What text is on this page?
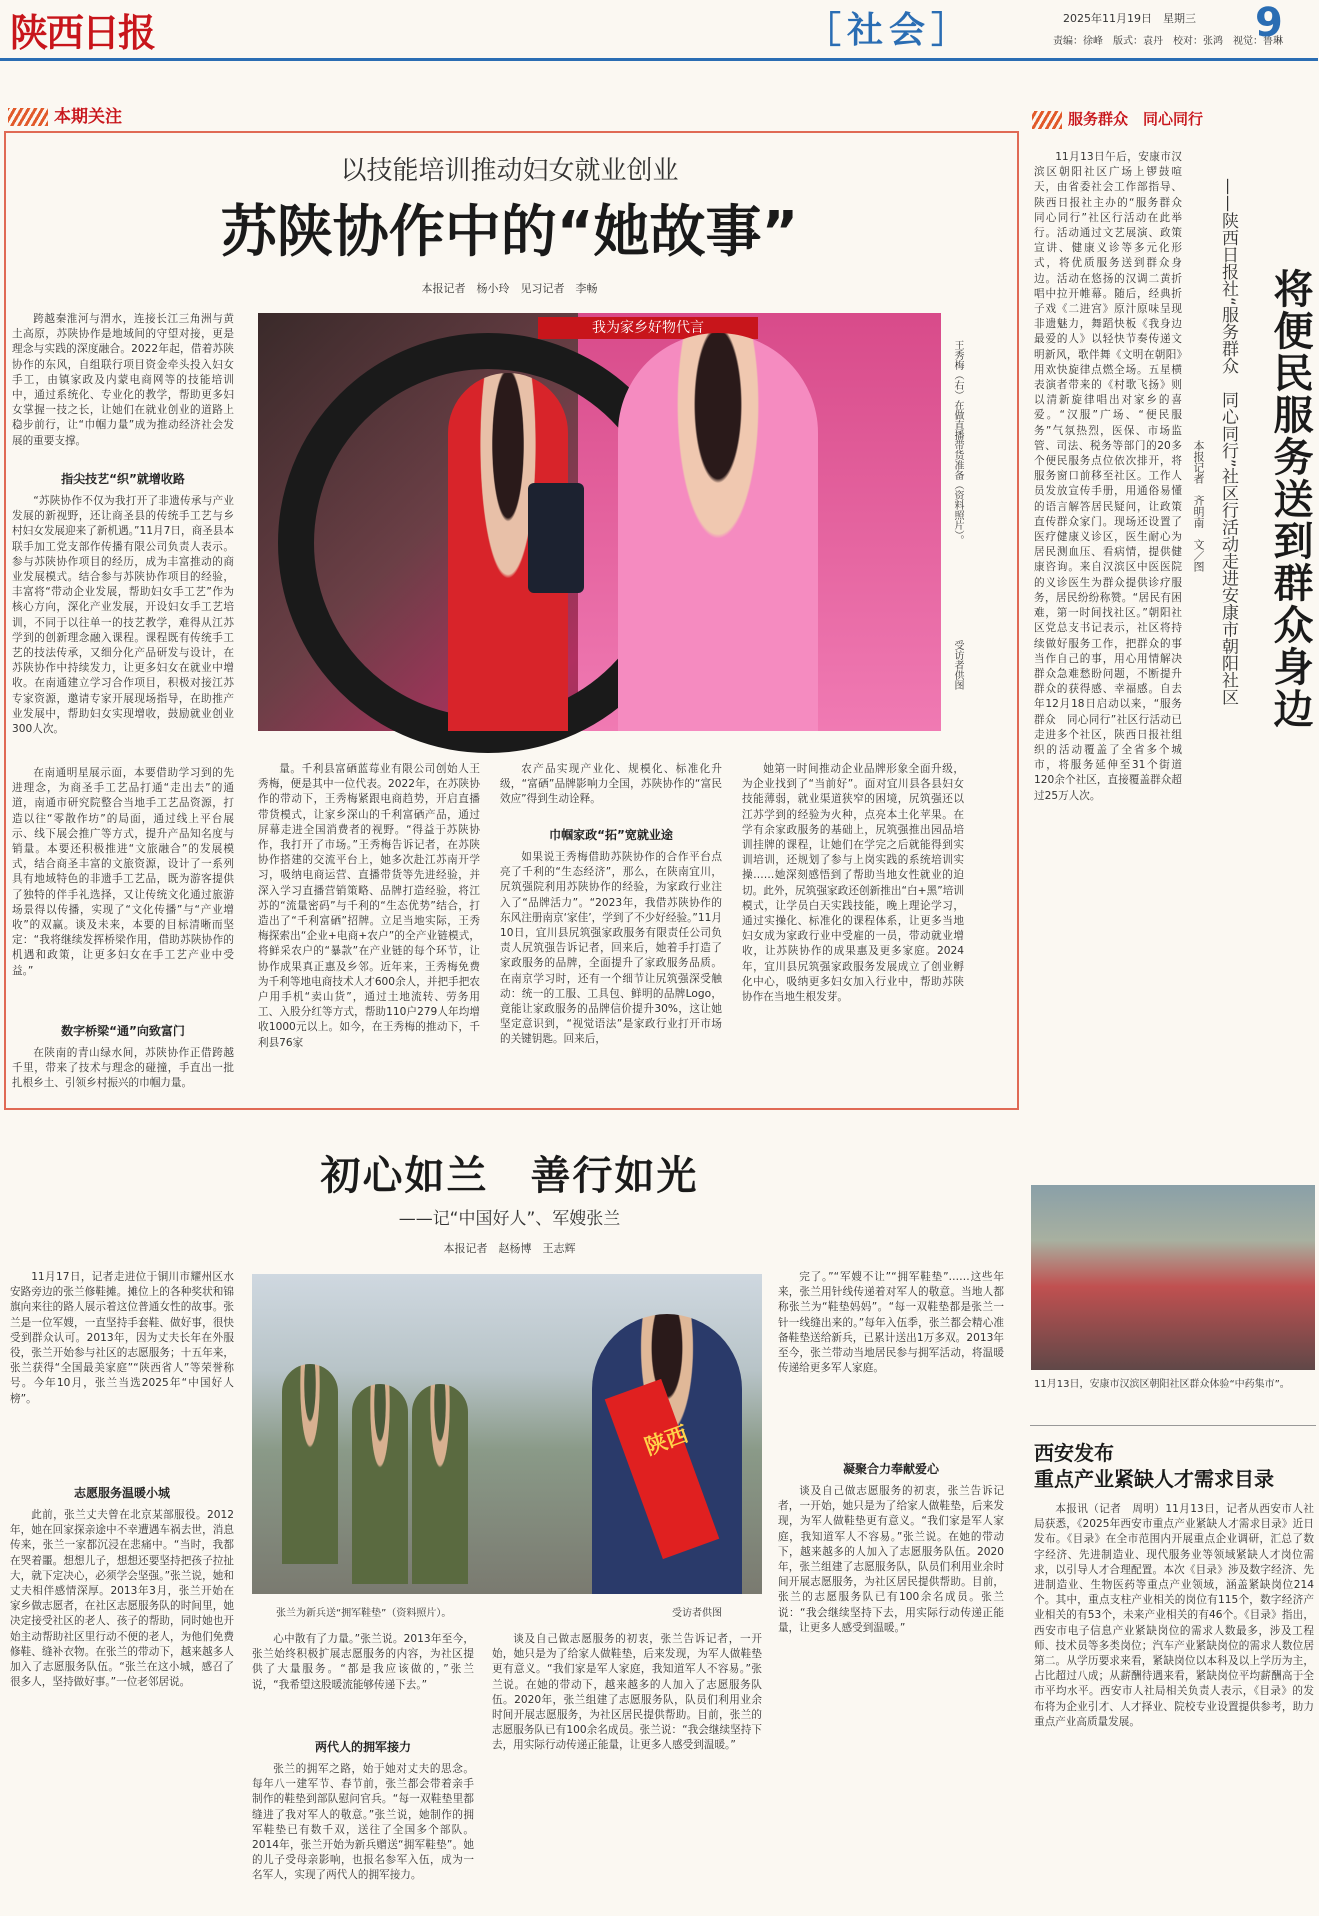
陕西日报	［社会］	2025年11月19日　星期三
责编：徐峰　版式：袁丹　校对：张鸿　视觉：鲁琳
9
本期关注
以技能培训推动妇女就业创业
苏陕协作中的“她故事”
本报记者　杨小玲　见习记者　李畅
我为家乡好物代言
王秀梅（右）在做直播带货准备（资料照片）。
受访者供图

跨越秦淮河与渭水，连接长江三角洲与黄土高原，苏陕协作是地域间的守望对接，更是理念与实践的深度融合。2022年起，借着苏陕协作的东风，自组联行项目资金牵头投入妇女手工，由镇家政及内蒙电商网等的技能培训中，通过系统化、专业化的教学，帮助更多妇女掌握一技之长，让她们在就业创业的道路上稳步前行，让“巾帼力量”成为推动经济社会发展的重要支撑。

指尖技艺“织”就增收路

“苏陕协作不仅为我打开了非遗传承与产业发展的新视野，还让商圣县的传统手工艺与乡村妇女发展迎来了新机遇。”11月7日，商圣县本联手加工党支部作传播有限公司负责人表示。参与苏陕协作项目的经历，成为丰富推动的商业发展模式。结合参与苏陕协作项目的经验，丰富将“带动企业发展，帮助妇女手工艺”作为核心方向，深化产业发展，开设妇女手工艺培训，不同于以往单一的技艺教学，难得从江苏学到的创新理念融入课程。课程既有传统手工艺的技法传承，又细分化产品研发与设计，在苏陕协作中持续发力，让更多妇女在就业中增收。在南通建立学习合作项目，积极对接江苏专家资源，邀请专家开展现场指导，在助推产业发展中，帮助妇女实现增收，鼓励就业创业300人次。

在南通明星展示面，本要借助学习到的先进理念，为商圣手工艺品打通“走出去”的通道，南通市研究院整合当地手工艺品资源，打造以往“零散作坊”的局面，通过线上平台展示、线下展会推广等方式，提升产品知名度与销量。本要还积极推进“文旅融合”的发展模式，结合商圣丰富的文旅资源，设计了一系列具有地域特色的非遗手工艺品，既为游客提供了独特的伴手礼选择，又让传统文化通过旅游场景得以传播，实现了“文化传播”与“产业增收”的双赢。谈及未来，本要的目标清晰而坚定：“我将继续发挥桥梁作用，借助苏陕协作的机遇和政策，让更多妇女在手工艺产业中受益。”

数字桥梁“通”向致富门

在陕南的青山绿水间，苏陕协作正借跨越千里，带来了技术与理念的碰撞，手直出一批扎根乡土、引领乡村振兴的巾帼力量。

量。千利县富硒蓝莓业有限公司创始人王秀梅，便是其中一位代表。2022年，在苏陕协作的带动下，王秀梅紧跟电商趋势，开启直播带货模式，让家乡深山的千利富硒产品，通过屏幕走进全国消费者的视野。“得益于苏陕协作，我打开了市场。”王秀梅告诉记者，在苏陕协作搭建的交流平台上，她多次赴江苏南开学习，吸纳电商运营、直播带货等先进经验，并深入学习直播营销策略、品牌打造经验，将江苏的“流量密码”与千利的“生态优势”结合，打造出了“千利富硒”招牌。立足当地实际，王秀梅探索出“企业+电商+农户”的全产业链模式，将鲜采农户的“暴款”在产业链的每个环节，让协作成果真正惠及乡邻。近年来，王秀梅免费为千利等地电商技术人才600余人，并把手把农户用手机“卖山货”，通过土地流转、劳务用工、入股分红等方式，帮助110户279人年均增收1000元以上。如今，在王秀梅的推动下，千利县76家

农产品实现产业化、规模化、标准化升级，“富硒”品牌影响力全国，苏陕协作的“富民效应”得到生动诠释。

巾帼家政“拓”宽就业途

如果说王秀梅借助苏陕协作的合作平台点亮了千利的“生态经济”，那么，在陕南宜川，尻筑强院利用苏陕协作的经验，为家政行业注入了“品牌活力”。“2023年，我借苏陕协作的东风注册南京‘家佳’，学到了不少好经验。”11月10日，宜川县尻筑强家政服务有限责任公司负责人尻筑强告诉记者，回来后，她着手打造了家政服务的品牌，全面提升了家政服务品质。在南京学习时，还有一个细节让尻筑强深受触动：统一的工服、工具包、鲜明的品牌Logo，竟能让家政服务的品牌信价提升30%，这让她坚定意识到，“视觉语法”是家政行业打开市场的关键钥匙。回来后，

她第一时间推动企业品牌形象全面升级，为企业找到了“当前好”。面对宜川县各县妇女技能薄弱，就业渠道狭窄的困境，尻筑强还以江苏学到的经验为火种，点亮本土化苹果。在学有余家政服务的基础上，尻筑强推出园品培训挂牌的课程，让她们在学完之后就能得到实训培训，还规划了参与上岗实践的系统培训实操……她深刻感悟到了帮助当地女性就业的迫切。此外，尻筑强家政还创新推出“白+黑”培训模式，让学员白天实践技能，晚上理论学习，通过实操化、标准化的课程体系，让更多当地妇女成为家政行业中受雇的一员，带动就业增收，让苏陕协作的成果惠及更多家庭。2024年，宜川县尻筑强家政服务发展成立了创业孵化中心，吸纳更多妇女加入行业中，帮助苏陕协作在当地生根发芽。

初心如兰　善行如光
——记“中国好人”、军嫂张兰
本报记者　赵杨博　王志辉

11月17日，记者走进位于铜川市耀州区水安路旁边的张兰修鞋摊。摊位上的各种奖状和锦旗向来往的路人展示着这位普通女性的故事。张兰是一位军嫂，一直坚持手套鞋、做好事，很快受到群众认可。2013年，因为丈夫长年在外服役，张兰开始参与社区的志愿服务；十五年来，张兰获得“全国最美家庭”“陕西省人”等荣誉称号。今年10月，张兰当选2025年“中国好人榜”。

志愿服务温暖小城

此前，张兰丈夫曾在北京某部服役。2012年，她在回家探亲途中不幸遭遇车祸去世，消息传来，张兰一家都沉浸在悲痛中。“当时，我都在哭着噩。想想儿子，想想还要坚持把孩子拉扯大，就下定决心，必须学会坚强。”张兰说，她和丈夫相伴感情深厚。2013年3月，张兰开始在家乡做志愿者，在社区志愿服务队的时间里，她决定接受社区的老人、孩子的帮助，同时她也开始主动帮助社区里行动不便的老人，为他们免费修鞋、缝补衣物。在张兰的带动下，越来越多人加入了志愿服务队伍。“张兰在这小城，感召了很多人，坚持做好事。”一位老邻居说。

陕西
张兰为新兵送“拥军鞋垫”（资料照片）。	受访者供图

心中散有了力量。”张兰说。2013年至今，张兰始终积极扩展志愿服务的内容，为社区提供了大量服务。“都是我应该做的，”张兰说，“我希望这股暖流能够传递下去。”

两代人的拥军接力

张兰的拥军之路，始于她对丈夫的思念。每年八一建军节、春节前，张兰都会带着亲手制作的鞋垫到部队慰问官兵。“每一双鞋垫里都缝进了我对军人的敬意。”张兰说，她制作的拥军鞋垫已有数千双，送往了全国多个部队。2014年，张兰开始为新兵赠送“拥军鞋垫”。她的儿子受母亲影响，也报名参军入伍，成为一名军人，实现了两代人的拥军接力。

谈及自己做志愿服务的初衷，张兰告诉记者，一开始，她只是为了给家人做鞋垫，后来发现，为军人做鞋垫更有意义。“我们家是军人家庭，我知道军人不容易。”张兰说。在她的带动下，越来越多的人加入了志愿服务队伍。2020年，张兰组建了志愿服务队，队员们利用业余时间开展志愿服务，为社区居民提供帮助。目前，张兰的志愿服务队已有100余名成员。张兰说：“我会继续坚持下去，用实际行动传递正能量，让更多人感受到温暖。”

完了。”“军嫂不让”“拥军鞋垫”……这些年来，张兰用针线传递着对军人的敬意。当地人都称张兰为“鞋垫妈妈”。“每一双鞋垫都是张兰一针一线缝出来的。”每年入伍季，张兰都会精心准备鞋垫送给新兵，已累计送出1万多双。2013年至今，张兰带动当地居民参与拥军活动，将温暖传递给更多军人家庭。

凝聚合力奉献爱心

谈及自己做志愿服务的初衷，张兰告诉记者，一开始，她只是为了给家人做鞋垫，后来发现，为军人做鞋垫更有意义。“我们家是军人家庭，我知道军人不容易。”张兰说。在她的带动下，越来越多的人加入了志愿服务队伍。2020年，张兰组建了志愿服务队，队员们利用业余时间开展志愿服务，为社区居民提供帮助。目前，张兰的志愿服务队已有100余名成员。张兰说：“我会继续坚持下去，用实际行动传递正能量，让更多人感受到温暖。”

服务群众　同心同行
将便民服务送到群众身边
——陕西日报社“服务群众　同心同行”社区行活动走进安康市朝阳社区
本报记者　齐明南　文／图

11月13日午后，安康市汉滨区朝阳社区广场上锣鼓喧天，由省委社会工作部指导、陕西日报社主办的“服务群众　同心同行”社区行活动在此举行。活动通过文艺展演、政策宣讲、健康义诊等多元化形式，将优质服务送到群众身边。活动在悠扬的汉调二黄折唱中拉开帷幕。随后，经典折子戏《二进宫》原汁原味呈现非遗魅力，舞蹈快板《我身边最爱的人》以轻快节奏传递文明新风，歌伴舞《文明在朝阳》用欢快旋律点燃全场。五星横表演者带来的《村歌飞扬》则以清新旋律唱出对家乡的喜爱。“汉服”广场、“便民服务”气氛热烈，医保、市场监管、司法、税务等部门的20多个便民服务点位依次排开，将服务窗口前移至社区。工作人员发放宣传手册，用通俗易懂的语言解答居民疑问，让政策直传群众家门。现场还设置了医疗健康义诊区，医生耐心为居民测血压、看病情，提供健康咨询。来自汉滨区中医医院的义诊医生为群众提供诊疗服务，居民纷纷称赞。“居民有困难，第一时间找社区。”朝阳社区党总支书记表示，社区将持续做好服务工作，把群众的事当作自己的事，用心用情解决群众急难愁盼问题，不断提升群众的获得感、幸福感。自去年12月18日启动以来，“服务群众　同心同行”社区行活动已走进多个社区，陕西日报社组织的活动覆盖了全省多个城市，将服务延伸至31个街道120余个社区，直接覆盖群众超过25万人次。

11月13日，安康市汉滨区朝阳社区群众体验“中药集市”。
西安发布
重点产业紧缺人才需求目录

本报讯（记者　周明）11月13日，记者从西安市人社局获悉，《2025年西安市重点产业紧缺人才需求目录》近日发布。《目录》在全市范围内开展重点企业调研，汇总了数字经济、先进制造业、现代服务业等领域紧缺人才岗位需求，以引导人才合理配置。本次《目录》涉及数字经济、先进制造业、生物医药等重点产业领域，涵盖紧缺岗位214个。其中，重点支柱产业相关的岗位有115个，数字经济产业相关的有53个，未来产业相关的有46个。《目录》指出，西安市电子信息产业紧缺岗位的需求人数最多，涉及工程师、技术员等多类岗位；汽车产业紧缺岗位的需求人数位居第二。从学历要求来看，紧缺岗位以本科及以上学历为主，占比超过八成；从薪酬待遇来看，紧缺岗位平均薪酬高于全市平均水平。西安市人社局相关负责人表示，《目录》的发布将为企业引才、人才择业、院校专业设置提供参考，助力重点产业高质量发展。
